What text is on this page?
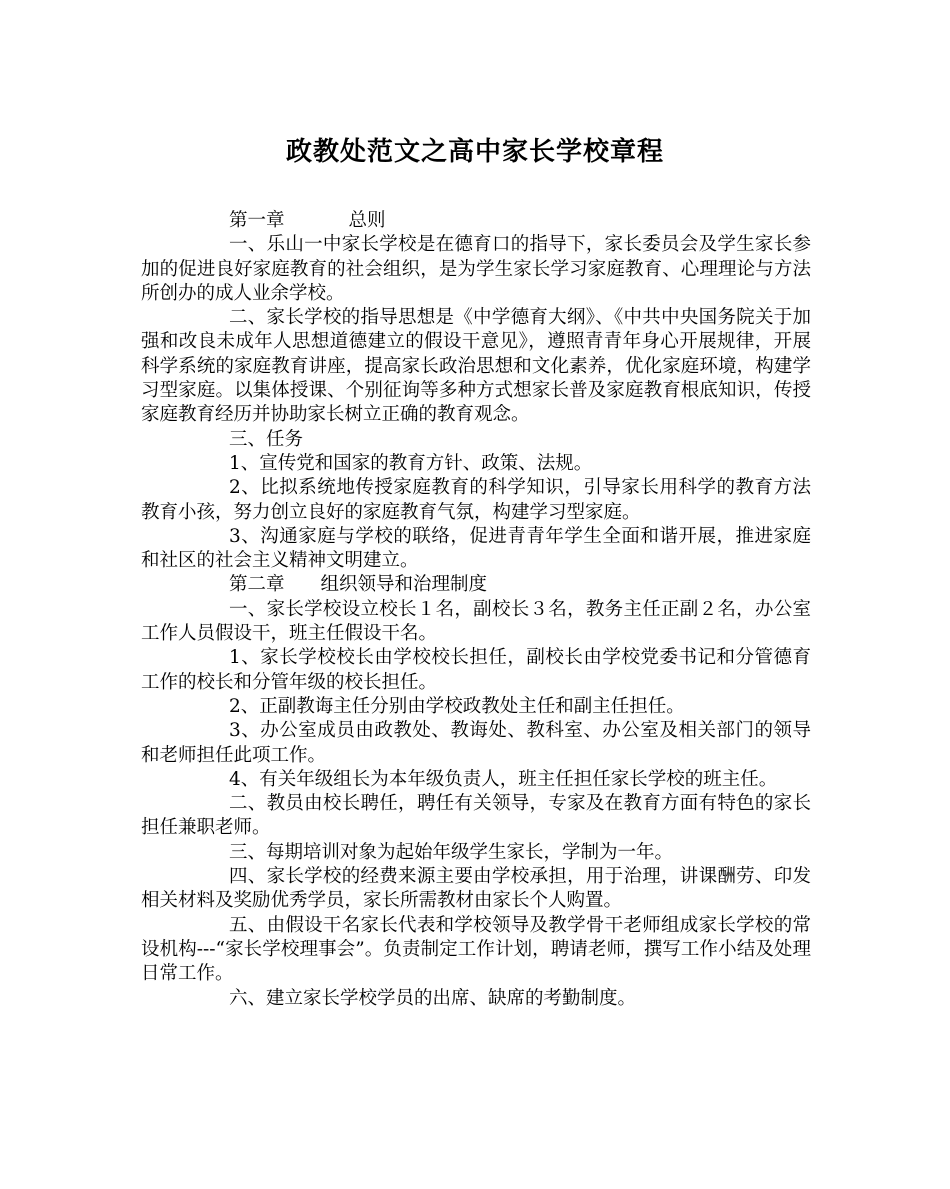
政教处范文之高中家长学校章程

第一章	总则

一、乐山一中家长学校是在德育口的指导下，家长委员会及学生家长参加的促进良好家庭教育的社会组织，是为学生家长学习家庭教育、心理理论与方法所创办的成人业余学校。

二、家长学校的指导思想是《中学德育大纲》、《中共中央国务院关于加强和改良未成年人思想道德建立的假设干意见》，遵照青青年身心开展规律，开展科学系统的家庭教育讲座，提高家长政治思想和文化素养，优化家庭环境，构建学习型家庭。以集体授课、个别征询等多种方式想家长普及家庭教育根底知识，传授家庭教育经历并协助家长树立正确的教育观念。

三、任务

1、宣传党和国家的教育方针、政策、法规。

2、比拟系统地传授家庭教育的科学知识，引导家长用科学的教育方法教育小孩，努力创立良好的家庭教育气氛，构建学习型家庭。

3、沟通家庭与学校的联络，促进青青年学生全面和谐开展，推进家庭和社区的社会主义精神文明建立。

第二章 组织领导和治理制度

一、家长学校设立校长１名，副校长３名，教务主任正副２名，办公室工作人员假设干，班主任假设干名。

1、家长学校校长由学校校长担任，副校长由学校党委书记和分管德育工作的校长和分管年级的校长担任。

2、正副教诲主任分别由学校政教处主任和副主任担任。

3、办公室成员由政教处、教诲处、教科室、办公室及相关部门的领导和老师担任此项工作。

4、有关年级组长为本年级负责人，班主任担任家长学校的班主任。

二、教员由校长聘任，聘任有关领导，专家及在教育方面有特色的家长担任兼职老师。

三、每期培训对象为起始年级学生家长，学制为一年。

四、家长学校的经费来源主要由学校承担，用于治理，讲课酬劳、印发相关材料及奖励优秀学员，家长所需教材由家长个人购置。

五、由假设干名家长代表和学校领导及教学骨干老师组成家长学校的常设机构---“家长学校理事会”。负责制定工作计划，聘请老师，撰写工作小结及处理日常工作。

六、建立家长学校学员的出席、缺席的考勤制度。
